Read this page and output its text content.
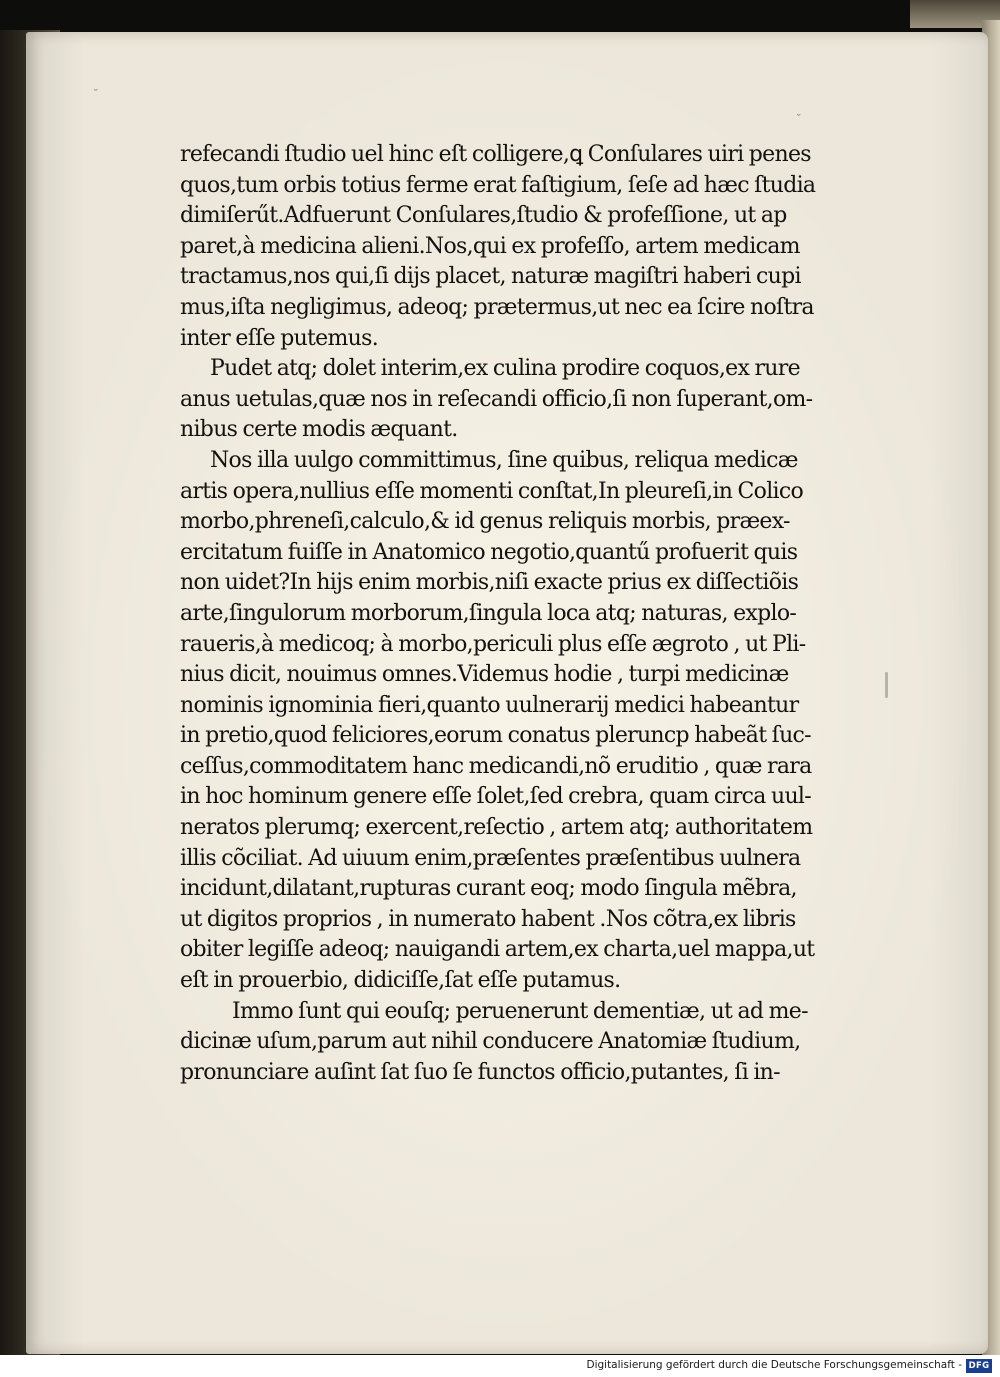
˘
˘
refecandi ſtudio uel hinc eſt colligere,ꝗ Conſulares uiri penes
quos,tum orbis totius ferme erat faſtigium, ſeſe ad hæc ſtudia
dimiſerűt.Adfuerunt Conſulares,ſtudio & profeſſione, ut ap
paret,à medicina alieni.Nos,qui ex profeſſo, artem medicam
tractamus,nos qui,ſi dijs placet, naturæ magiſtri haberi cupi
mus,iſta negligimus, adeoq; prætermus,ut nec ea ſcire noſtra
inter eſſe putemus.
Pudet atq; dolet interim,ex culina prodire coquos,ex rure
anus uetulas,quæ nos in reſecandi officio,ſi non ſuperant,om-
nibus certe modis æquant.
Nos illa uulgo committimus, ſine quibus, reliqua medicæ
artis opera,nullius eſſe momenti conſtat,In pleureſi,in Colico
morbo,phreneſi,calculo,& id genus reliquis morbis, præex-
ercitatum fuiſſe in Anatomico negotio,quantű profuerit quis
non uidet?In hijs enim morbis,niſi exacte prius ex diſſectiõis
arte,ſingulorum morborum,ſingula loca atq; naturas, explo-
raueris,à medicoq; à morbo,periculi plus eſſe ægroto , ut Pli-
nius dicit, nouimus omnes.Videmus hodie , turpi medicinæ
nominis ignominia fieri,quanto uulnerarij medici habeantur
in pretio,quod feliciores,eorum conatus pleruncp habeãt ſuc-
ceſſus,commoditatem hanc medicandi,nõ eruditio , quæ rara
in hoc hominum genere eſſe ſolet,ſed crebra, quam circa uul-
neratos plerumq; exercent,reſectio , artem atq; authoritatem
illis cõciliat. Ad uiuum enim,præſentes præſentibus uulnera
incidunt,dilatant,rupturas curant eoq; modo ſingula mẽbra,
ut digitos proprios , in numerato habent .Nos cõtra,ex libris
obiter legiſſe adeoq; nauigandi artem,ex charta,uel mappa,ut
eſt in prouerbio, didiciſſe,ſat eſſe putamus.
Immo ſunt qui eouſq; peruenerunt dementiæ, ut ad me-
dicinæ uſum,parum aut nihil conducere Anatomiæ ſtudium,
pronunciare auſint ſat ſuo ſe functos officio,putantes, ſi in-
Digitalisierung gefördert durch die Deutsche Forschungsgemeinschaft - DFG
